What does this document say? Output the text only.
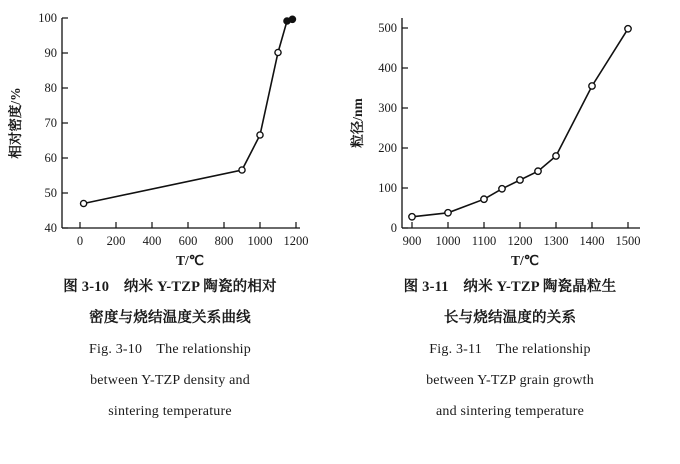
40
50
60
70
80
90
100
0 200 400 600 800 1000 1200
T/℃
相对密度/%
图 3-10　纳米 Y-TZP 陶瓷的相对
密度与烧结温度关系曲线
Fig. 3-10　The relationship
between Y-TZP density and
sintering temperature
0
100
200
300
400
500
900 1000 1100 1200 1300 1400 1500
T/℃
粒径/nm
图 3-11　纳米 Y-TZP 陶瓷晶粒生
长与烧结温度的关系
Fig. 3-11　The relationship
between Y-TZP grain growth
and sintering temperature
